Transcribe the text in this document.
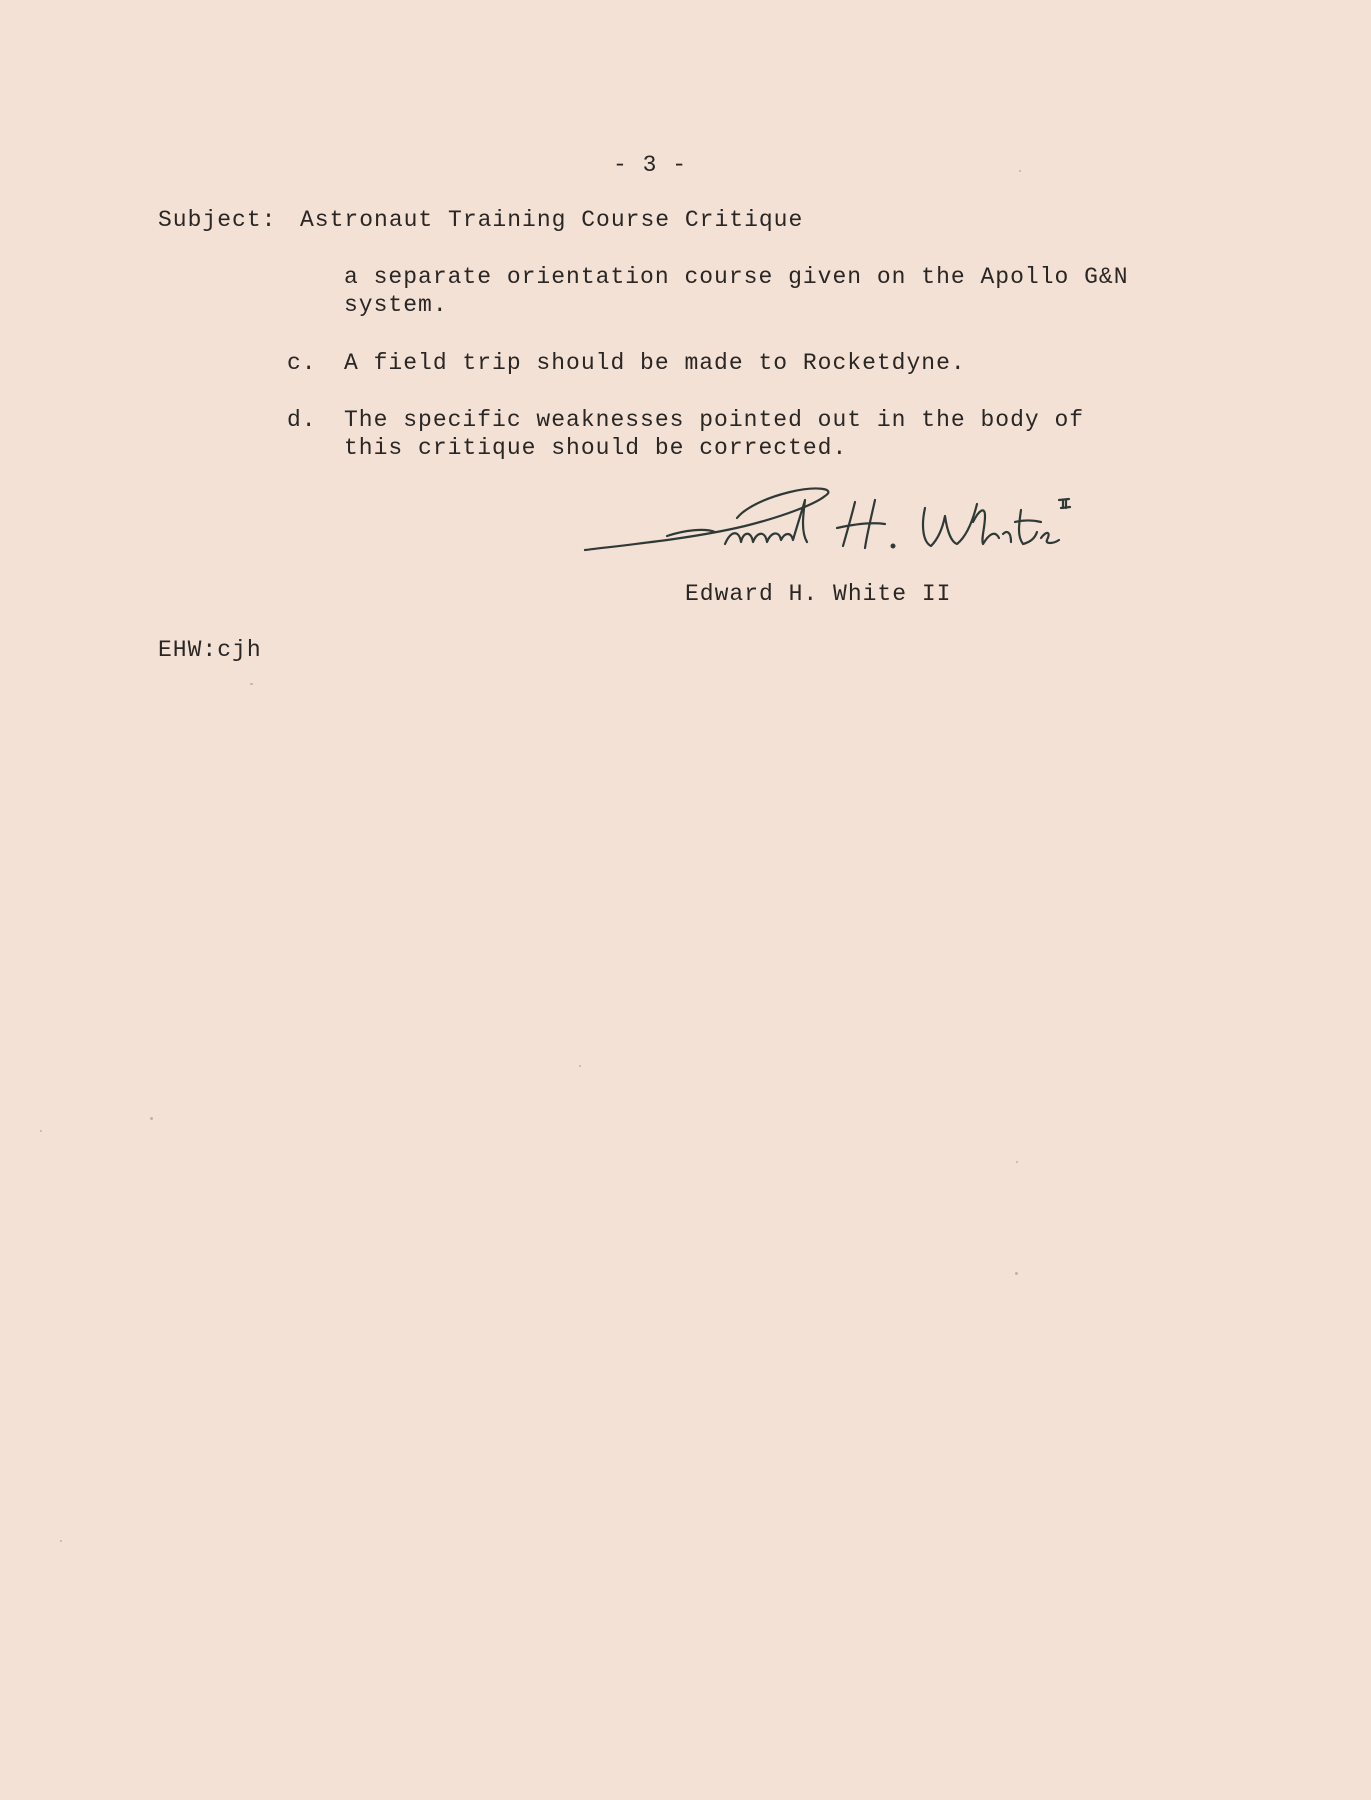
- 3 -
Subject: Astronaut Training Course Critique
a separate orientation course given on the Apollo G&N
system.
c. A field trip should be made to Rocketdyne.
d. The specific weaknesses pointed out in the body of
this critique should be corrected.
Edward H. White II
EHW:cjh
